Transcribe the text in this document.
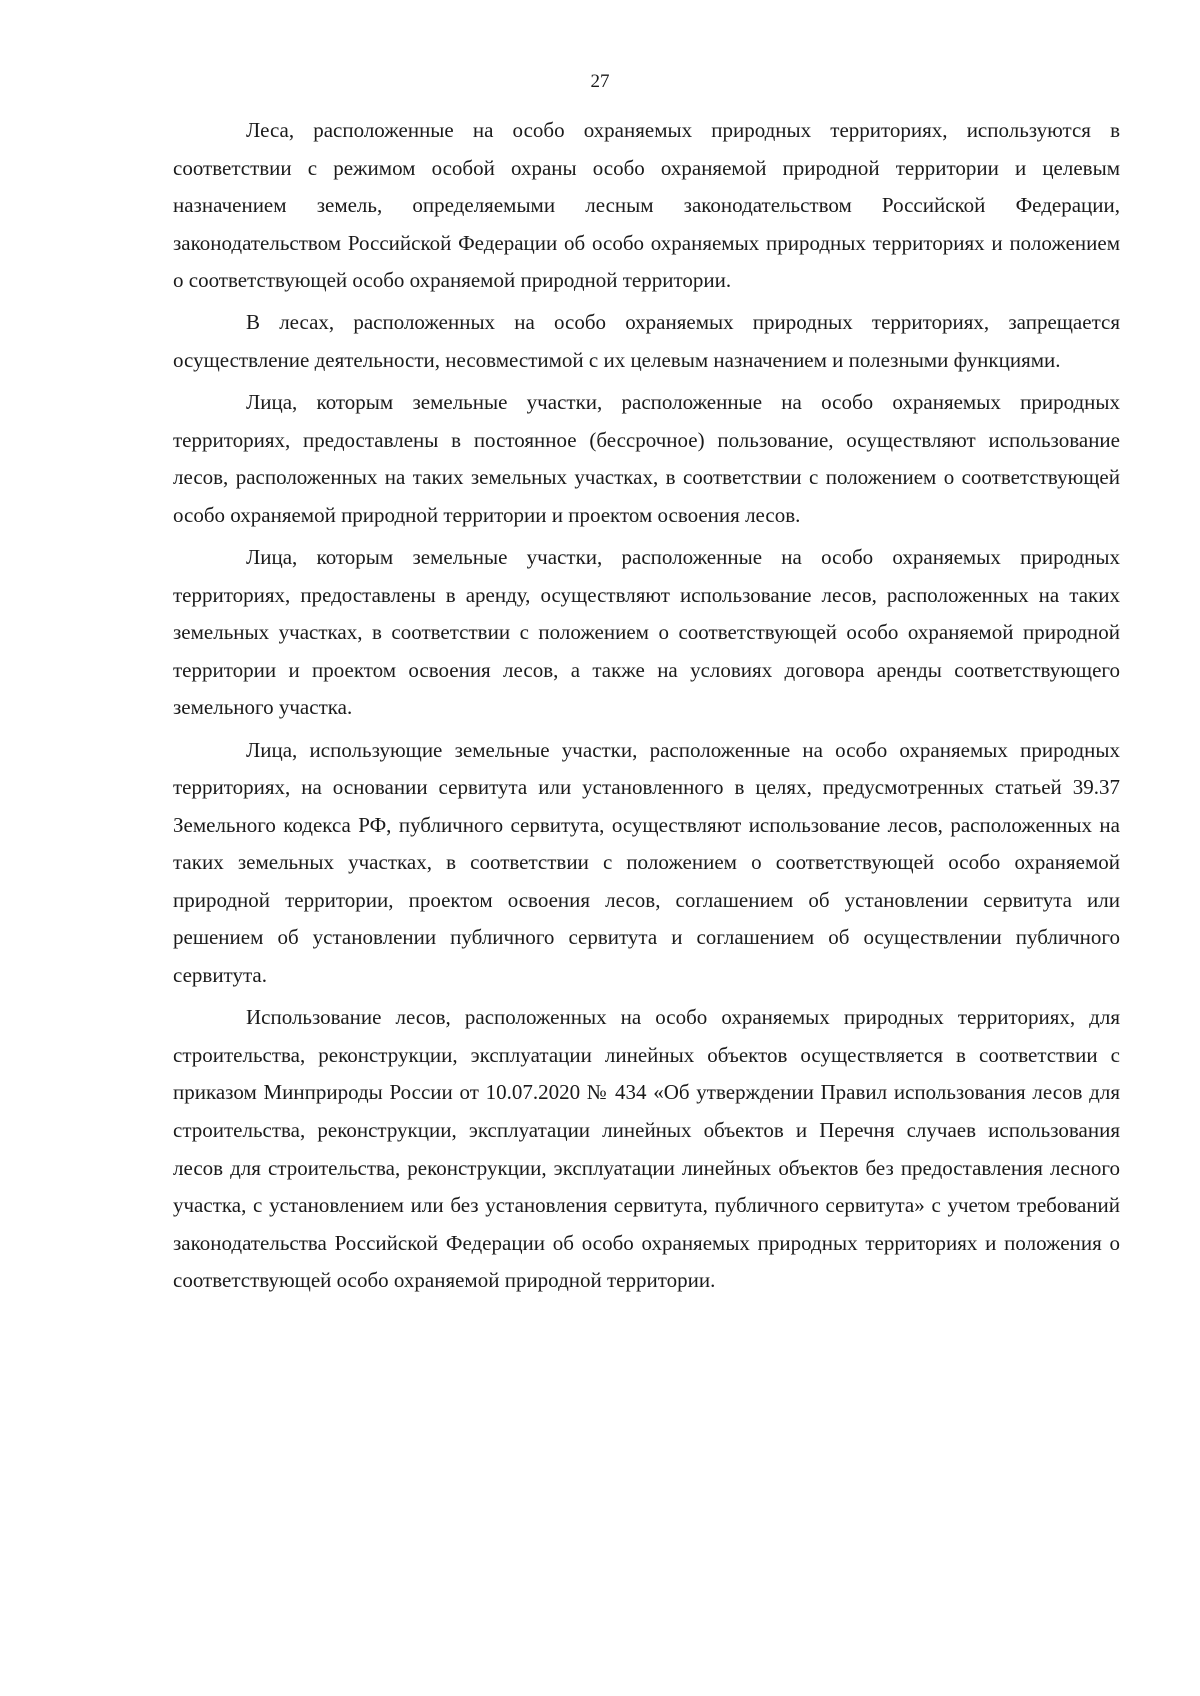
27

Леса, расположенные на особо охраняемых природных территориях, используются в соответствии с режимом особой охраны особо охраняемой природной территории и целевым назначением земель, определяемыми лесным законодательством Российской Федерации, законодательством Российской Федерации об особо охраняемых природных территориях и положением о соответствующей особо охраняемой природной территории.

В лесах, расположенных на особо охраняемых природных территориях, запрещается осуществление деятельности, несовместимой с их целевым назначением и полезными функциями.

Лица, которым земельные участки, расположенные на особо охраняемых природных территориях, предоставлены в постоянное (бессрочное) пользование, осуществляют использование лесов, расположенных на таких земельных участках, в соответствии с положением о соответствующей особо охраняемой природной территории и проектом освоения лесов.

Лица, которым земельные участки, расположенные на особо охраняемых природных территориях, предоставлены в аренду, осуществляют использование лесов, расположенных на таких земельных участках, в соответствии с положением о соответствующей особо охраняемой природной территории и проектом освоения лесов, а также на условиях договора аренды соответствующего земельного участка.

Лица, использующие земельные участки, расположенные на особо охраняемых природных территориях, на основании сервитута или установленного в целях, предусмотренных статьей 39.37 Земельного кодекса РФ, публичного сервитута, осуществляют использование лесов, расположенных на таких земельных участках, в соответствии с положением о соответствующей особо охраняемой природной территории, проектом освоения лесов, соглашением об установлении сервитута или решением об установлении публичного сервитута и соглашением об осуществлении публичного сервитута.

Использование лесов, расположенных на особо охраняемых природных территориях, для строительства, реконструкции, эксплуатации линейных объектов осуществляется в соответствии с приказом Минприроды России от 10.07.2020 № 434 «Об утверждении Правил использования лесов для строительства, реконструкции, эксплуатации линейных объектов и Перечня случаев использования лесов для строительства, реконструкции, эксплуатации линейных объектов без предоставления лесного участка, с установлением или без установления сервитута, публичного сервитута» с учетом требований законодательства Российской Федерации об особо охраняемых природных территориях и положения о соответствующей особо охраняемой природной территории.
